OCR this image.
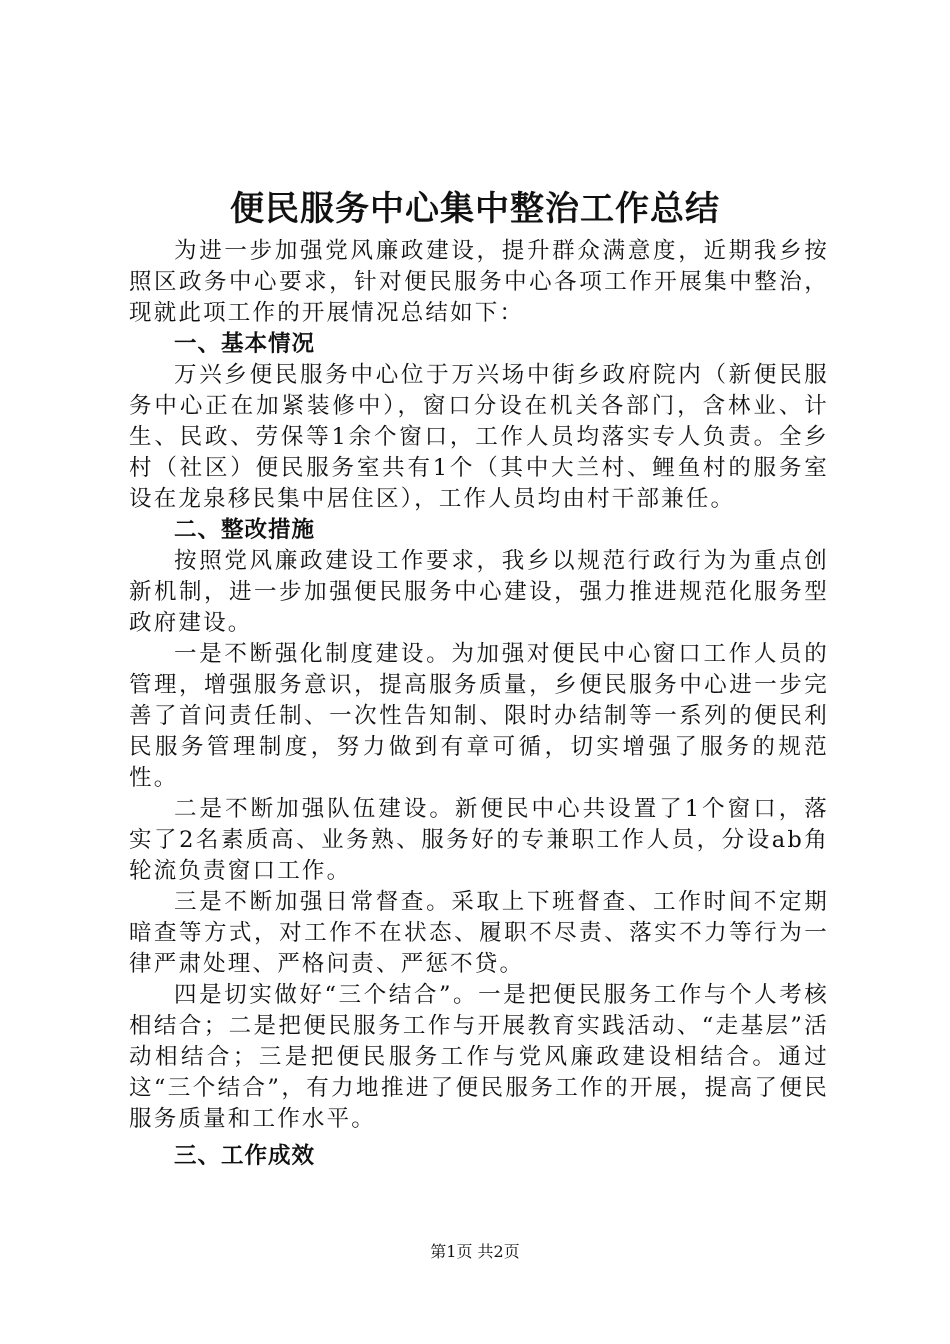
便民服务中心集中整治工作总结

为进一步加强党风廉政建设，提升群众满意度，近期我乡按照区政务中心要求，针对便民服务中心各项工作开展集中整治，现就此项工作的开展情况总结如下：

一、基本情况

万兴乡便民服务中心位于万兴场中街乡政府院内（新便民服务中心正在加紧装修中），窗口分设在机关各部门，含林业、计生、民政、劳保等1余个窗口，工作人员均落实专人负责。全乡村（社区）便民服务室共有1个（其中大兰村、鲤鱼村的服务室设在龙泉移民集中居住区），工作人员均由村干部兼任。

二、整改措施

按照党风廉政建设工作要求，我乡以规范行政行为为重点创新机制，进一步加强便民服务中心建设，强力推进规范化服务型政府建设。

一是不断强化制度建设。为加强对便民中心窗口工作人员的管理，增强服务意识，提高服务质量，乡便民服务中心进一步完善了首问责任制、一次性告知制、限时办结制等一系列的便民利民服务管理制度，努力做到有章可循，切实增强了服务的规范性。

二是不断加强队伍建设。新便民中心共设置了1个窗口，落实了2名素质高、业务熟、服务好的专兼职工作人员，分设ab角轮流负责窗口工作。

三是不断加强日常督查。采取上下班督查、工作时间不定期暗查等方式，对工作不在状态、履职不尽责、落实不力等行为一律严肃处理、严格问责、严惩不贷。

四是切实做好“三个结合”。一是把便民服务工作与个人考核相结合；二是把便民服务工作与开展教育实践活动、“走基层”活动相结合；三是把便民服务工作与党风廉政建设相结合。通过这“三个结合”，有力地推进了便民服务工作的开展，提高了便民服务质量和工作水平。

三、工作成效
第1页 共2页
